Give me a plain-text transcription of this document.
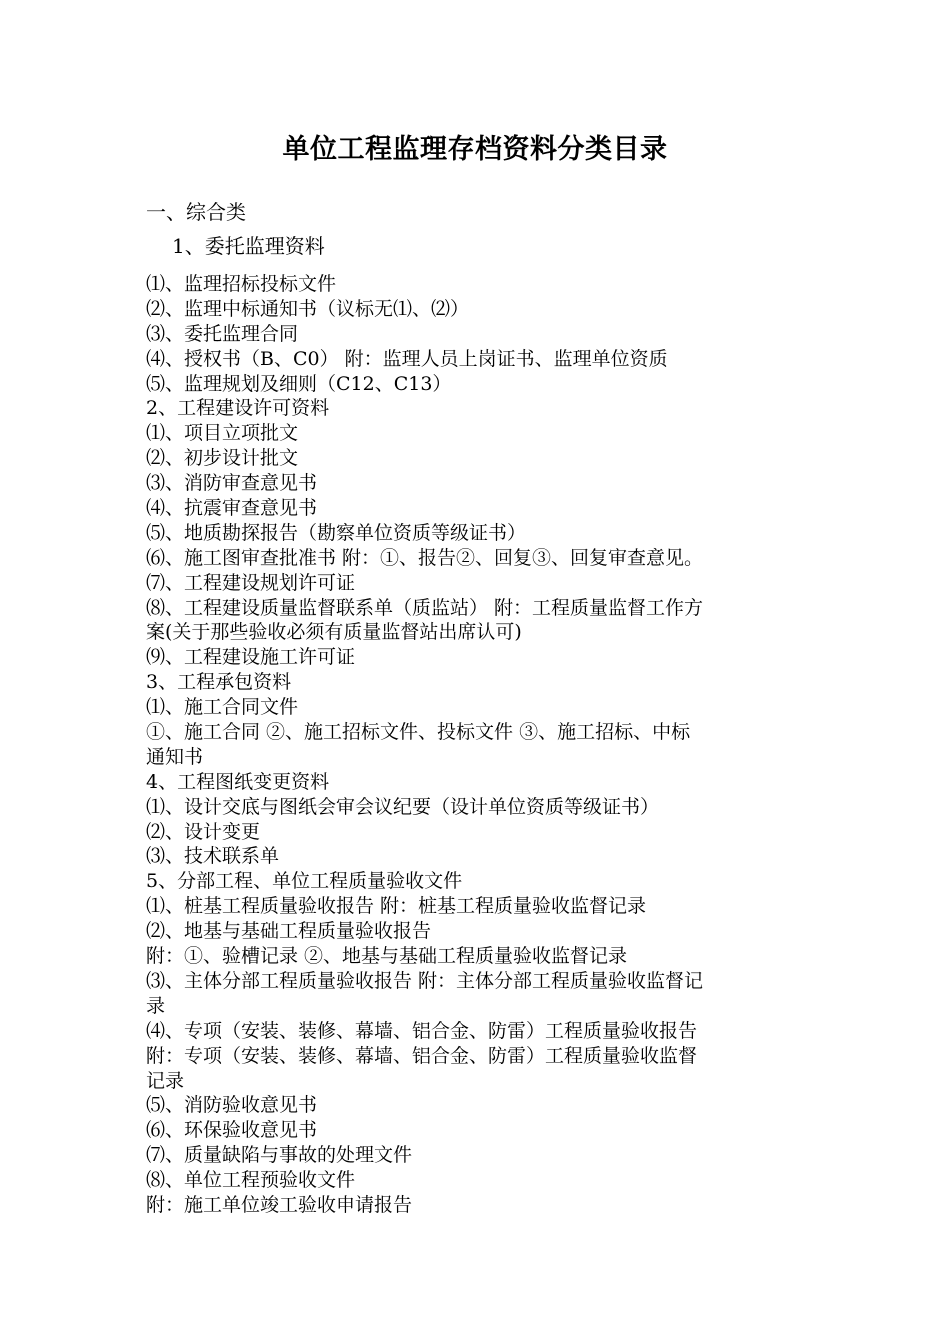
单位工程监理存档资料分类目录
一、综合类
1、委托监理资料
⑴、监理招标投标文件
⑵、监理中标通知书（议标无⑴、⑵）
⑶、委托监理合同
⑷、授权书（B、C0） 附：监理人员上岗证书、监理单位资质
⑸、监理规划及细则（C12、C13）
2、工程建设许可资料
⑴、项目立项批文
⑵、初步设计批文
⑶、消防审查意见书
⑷、抗震审查意见书
⑸、地质勘探报告（勘察单位资质等级证书）
⑹、施工图审查批准书 附：①、报告②、回复③、回复审查意见。
⑺、工程建设规划许可证
⑻、工程建设质量监督联系单（质监站） 附：工程质量监督工作方
案(关于那些验收必须有质量监督站出席认可)
⑼、工程建设施工许可证
3、工程承包资料
⑴、施工合同文件
①、施工合同 ②、施工招标文件、投标文件 ③、施工招标、中标
通知书
4、工程图纸变更资料
⑴、设计交底与图纸会审会议纪要（设计单位资质等级证书）
⑵、设计变更
⑶、技术联系单
5、分部工程、单位工程质量验收文件
⑴、桩基工程质量验收报告 附：桩基工程质量验收监督记录
⑵、地基与基础工程质量验收报告
附：①、验槽记录 ②、地基与基础工程质量验收监督记录
⑶、主体分部工程质量验收报告 附：主体分部工程质量验收监督记
录
⑷、专项（安装、装修、幕墙、铝合金、防雷）工程质量验收报告
附：专项（安装、装修、幕墙、铝合金、防雷）工程质量验收监督
记录
⑸、消防验收意见书
⑹、环保验收意见书
⑺、质量缺陷与事故的处理文件
⑻、单位工程预验收文件
附：施工单位竣工验收申请报告
